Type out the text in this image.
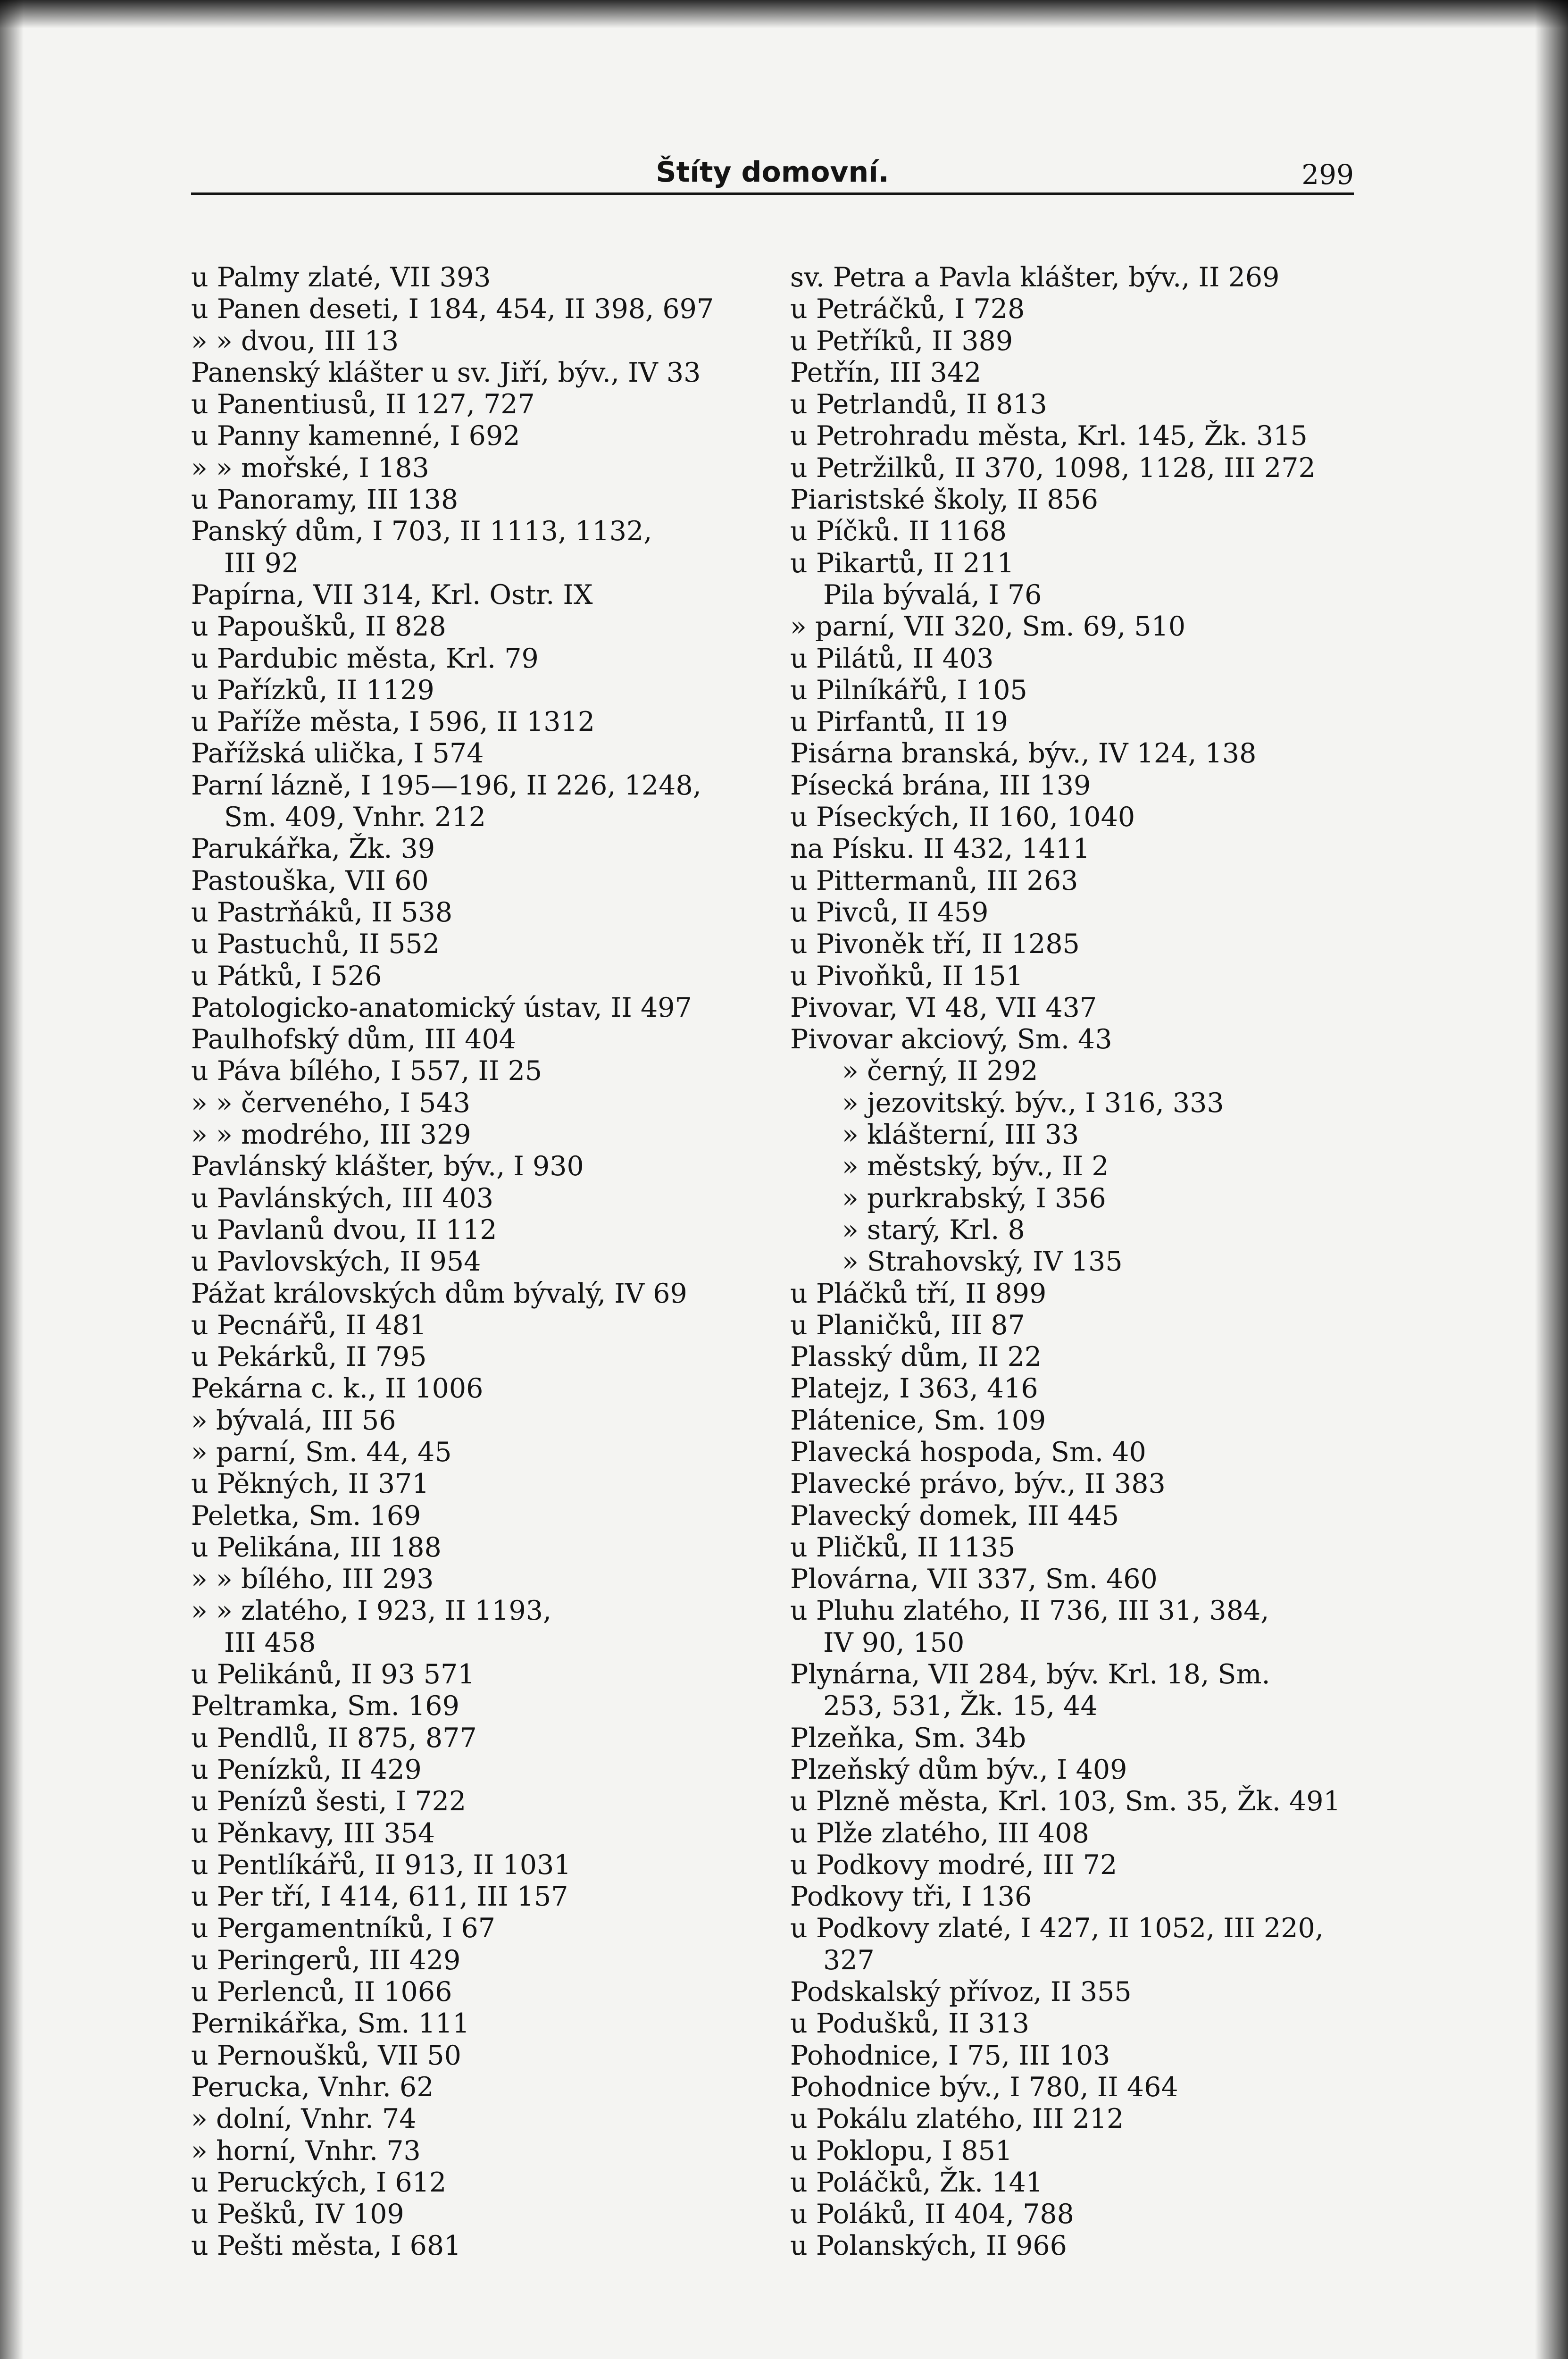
Štíty domovní.	299
u Palmy zlaté, VII 393
u Panen deseti, I 184, 454, II 398, 697
» » dvou, III 13
Panenský klášter u sv. Jiří, býv., IV 33
u Panentiusů, II 127, 727
u Panny kamenné, I 692
» » mořské, I 183
u Panoramy, III 138
Panský dům, I 703, II 1113, 1132,
III 92
Papírna, VII 314, Krl. Ostr. IX
u Papoušků, II 828
u Pardubic města, Krl. 79
u Pařízků, II 1129
u Paříže města, I 596, II 1312
Pařížská ulička, I 574
Parní lázně, I 195—196, II 226, 1248,
Sm. 409, Vnhr. 212
Parukářka, Žk. 39
Pastouška, VII 60
u Pastrňáků, II 538
u Pastuchů, II 552
u Pátků, I 526
Patologicko-anatomický ústav, II 497
Paulhofský dům, III 404
u Páva bílého, I 557, II 25
» » červeného, I 543
» » modrého, III 329
Pavlánský klášter, býv., I 930
u Pavlánských, III 403
u Pavlanů dvou, II 112
u Pavlovských, II 954
Pážat královských dům bývalý, IV 69
u Pecnářů, II 481
u Pekárků, II 795
Pekárna c. k., II 1006
» bývalá, III 56
» parní, Sm. 44, 45
u Pěkných, II 371
Peletka, Sm. 169
u Pelikána, III 188
» » bílého, III 293
» » zlatého, I 923, II 1193,
III 458
u Pelikánů, II 93 571
Peltramka, Sm. 169
u Pendlů, II 875, 877
u Penízků, II 429
u Penízů šesti, I 722
u Pěnkavy, III 354
u Pentlíkářů, II 913, II 1031
u Per tří, I 414, 611, III 157
u Pergamentníků, I 67
u Peringerů, III 429
u Perlenců, II 1066
Pernikářka, Sm. 111
u Pernoušků, VII 50
Perucka, Vnhr. 62
» dolní, Vnhr. 74
» horní, Vnhr. 73
u Peruckých, I 612
u Pešků, IV 109
u Pešti města, I 681
sv. Petra a Pavla klášter, býv., II 269
u Petráčků, I 728
u Petříků, II 389
Petřín, III 342
u Petrlandů, II 813
u Petrohradu města, Krl. 145, Žk. 315
u Petržilků, II 370, 1098, 1128, III 272
Piaristské školy, II 856
u Píčků. II 1168
u Pikartů, II 211
Pila bývalá, I 76
» parní, VII 320, Sm. 69, 510
u Pilátů, II 403
u Pilníkářů, I 105
u Pirfantů, II 19
Pisárna branská, býv., IV 124, 138
Písecká brána, III 139
u Píseckých, II 160, 1040
na Písku. II 432, 1411
u Pittermanů, III 263
u Pivců, II 459
u Pivoněk tří, II 1285
u Pivoňků, II 151
Pivovar, VI 48, VII 437
Pivovar akciový, Sm. 43
» černý, II 292
» jezovitský. býv., I 316, 333
» klášterní, III 33
» městský, býv., II 2
» purkrabský, I 356
» starý, Krl. 8
» Strahovský, IV 135
u Pláčků tří, II 899
u Planičků, III 87
Plasský dům, II 22
Platejz, I 363, 416
Plátenice, Sm. 109
Plavecká hospoda, Sm. 40
Plavecké právo, býv., II 383
Plavecký domek, III 445
u Pličků, II 1135
Plovárna, VII 337, Sm. 460
u Pluhu zlatého, II 736, III 31, 384,
IV 90, 150
Plynárna, VII 284, býv. Krl. 18, Sm.
253, 531, Žk. 15, 44
Plzeňka, Sm. 34b
Plzeňský dům býv., I 409
u Plzně města, Krl. 103, Sm. 35, Žk. 491
u Plže zlatého, III 408
u Podkovy modré, III 72
Podkovy tři, I 136
u Podkovy zlaté, I 427, II 1052, III 220,
327
Podskalský přívoz, II 355
u Podušků, II 313
Pohodnice, I 75, III 103
Pohodnice býv., I 780, II 464
u Pokálu zlatého, III 212
u Poklopu, I 851
u Poláčků, Žk. 141
u Poláků, II 404, 788
u Polanských, II 966
